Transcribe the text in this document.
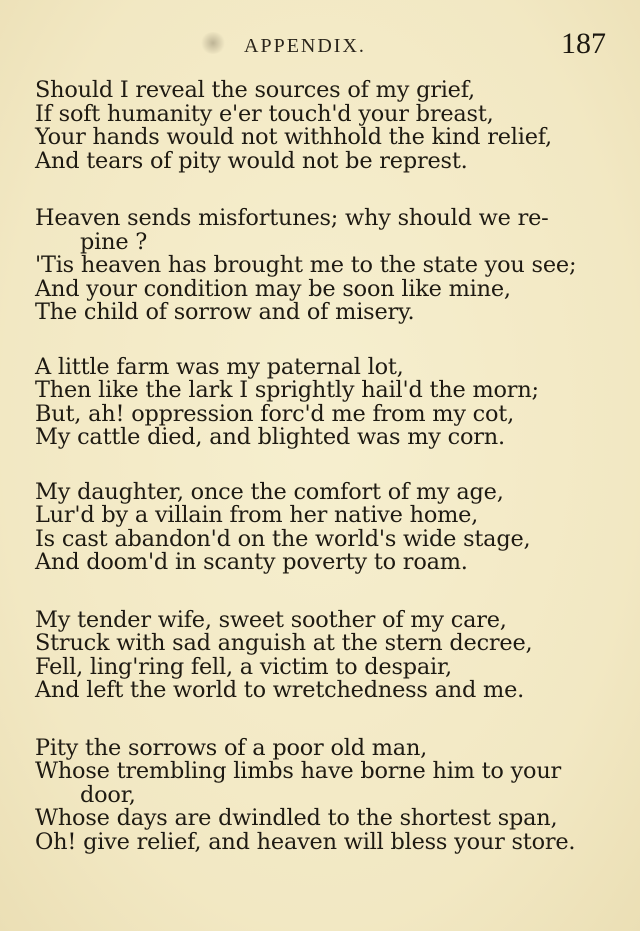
APPENDIX.	187
Should I reveal the sources of my grief,
If soft humanity e'er touch'd your breast,
Your hands would not withhold the kind relief,
And tears of pity would not be represt.
Heaven sends misfortunes; why should we re-
pine ?
'Tis heaven has brought me to the state you see;
And your condition may be soon like mine,
The child of sorrow and of misery.
A little farm was my paternal lot,
Then like the lark I sprightly hail'd the morn;
But, ah! oppression forc'd me from my cot,
My cattle died, and blighted was my corn.
My daughter, once the comfort of my age,
Lur'd by a villain from her native home,
Is cast abandon'd on the world's wide stage,
And doom'd in scanty poverty to roam.
My tender wife, sweet soother of my care,
Struck with sad anguish at the stern decree,
Fell, ling'ring fell, a victim to despair,
And left the world to wretchedness and me.
Pity the sorrows of a poor old man,
Whose trembling limbs have borne him to your
door,
Whose days are dwindled to the shortest span,
Oh! give relief, and heaven will bless your store.
